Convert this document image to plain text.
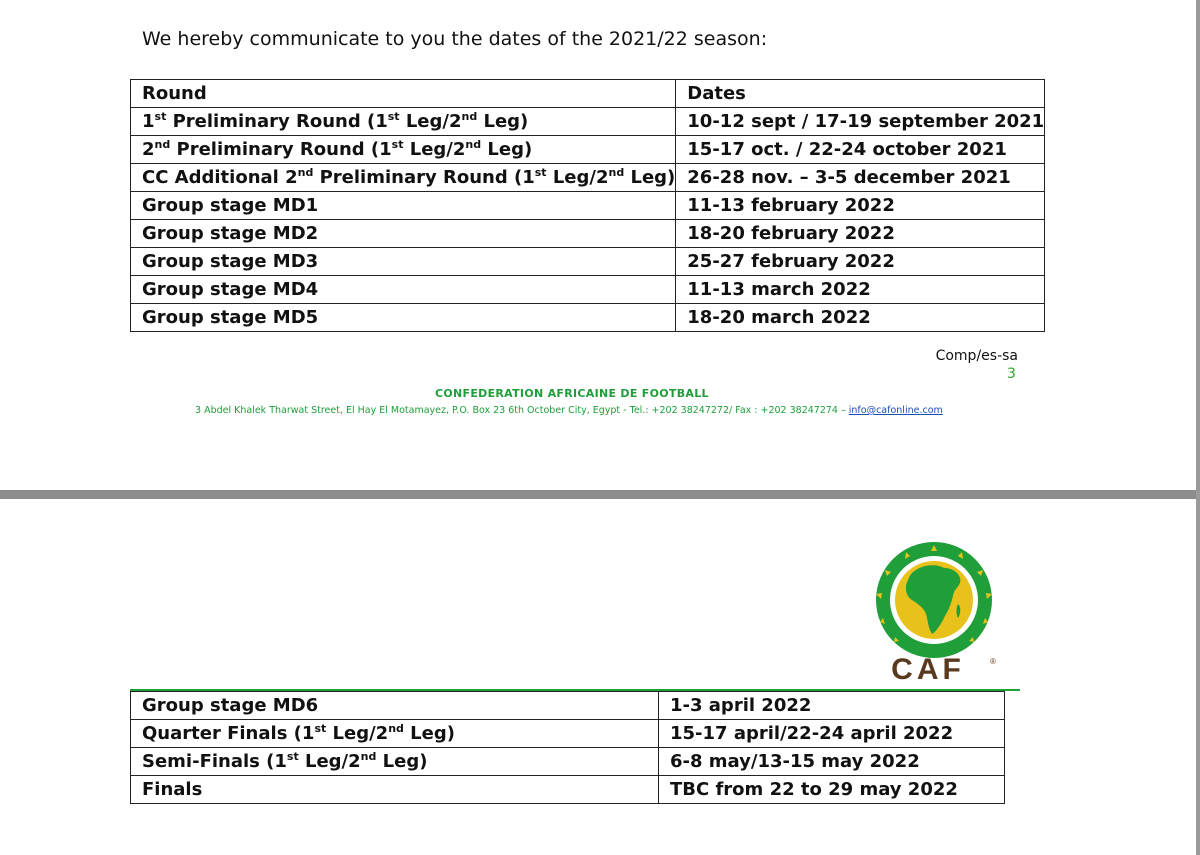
We hereby communicate to you the dates of the 2021/22 season:
Round	Dates
1st Preliminary Round (1st Leg/2nd Leg)	10-12 sept / 17-19 september 2021
2nd Preliminary Round (1st Leg/2nd Leg)	15-17 oct. / 22-24 october 2021
CC Additional 2nd Preliminary Round (1st Leg/2nd Leg)	26-28 nov. – 3-5 december 2021
Group stage MD1	11-13 february 2022
Group stage MD2	18-20 february 2022
Group stage MD3	25-27 february 2022
Group stage MD4	11-13 march 2022
Group stage MD5	18-20 march 2022
Comp/es-sa
3
CONFEDERATION AFRICAINE DE FOOTBALL
3 Abdel Khalek Tharwat Street, El Hay El Motamayez, P.O. Box 23 6th October City, Egypt - Tel.: +202 38247272/ Fax : +202 38247274 – info@cafonline.com
CAF	®
Group stage MD6	1-3 april 2022
Quarter Finals (1st Leg/2nd Leg)	15-17 april/22-24 april 2022
Semi-Finals (1st Leg/2nd Leg)	6-8 may/13-15 may 2022
Finals	TBC from 22 to 29 may 2022
